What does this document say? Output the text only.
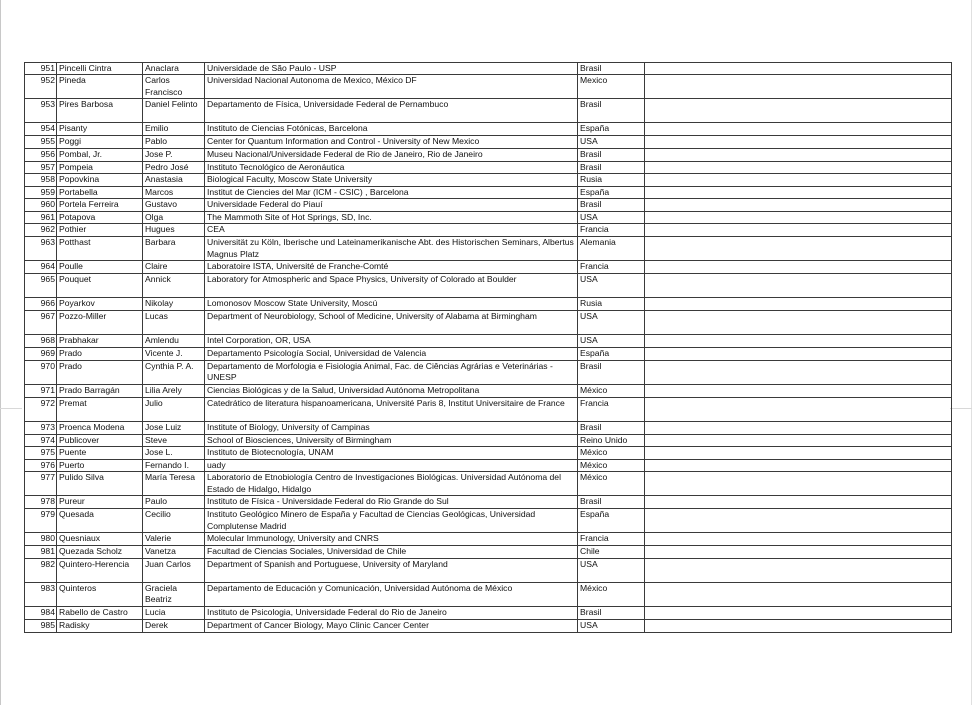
951	Pincelli Cintra	Anaclara	Universidade de São Paulo - USP	Brasil	
952	Pineda	Carlos Francisco	Universidad Nacional Autonoma de Mexico, México DF	Mexico	
953	Pires Barbosa	Daniel Felinto	Departamento de Física, Universidade Federal de Pernambuco	Brasil	
954	Pisanty	Emilio	Instituto de Ciencias Fotónicas, Barcelona	España	
955	Poggi	Pablo	Center for Quantum Information and Control - University of New Mexico	USA	
956	Pombal, Jr.	Jose P.	Museu Nacional/Universidade Federal de Rio de Janeiro, Rio de Janeiro	Brasil	
957	Pompeia	Pedro José	Instituto Tecnológico de Aeronáutica	Brasil	
958	Popovkina	Anastasia	Biological Faculty, Moscow State University	Rusia	
959	Portabella	Marcos	Institut de Ciencies del Mar (ICM - CSIC) , Barcelona	España	
960	Portela Ferreira	Gustavo	Universidade Federal do Piauí	Brasil	
961	Potapova	Olga	The Mammoth Site of Hot Springs, SD, Inc.	USA	
962	Pothier	Hugues	CEA	Francia	
963	Potthast	Barbara	Universität zu Köln, Iberische und Lateinamerikanische Abt. des Historischen Seminars, Albertus Magnus Platz	Alemania	
964	Poulle	Claire	Laboratoire ISTA, Université de Franche-Comté	Francia	
965	Pouquet	Annick	Laboratory for Atmospheric and Space Physics, University of Colorado at Boulder	USA	
966	Poyarkov	Nikolay	Lomonosov Moscow State University, Moscú	Rusia	
967	Pozzo-Miller	Lucas	Department of Neurobiology, School of Medicine, University of Alabama at Birmingham	USA	
968	Prabhakar	Amlendu	Intel Corporation, OR, USA	USA	
969	Prado	Vicente J.	Departamento Psicología Social, Universidad de Valencia	España	
970	Prado	Cynthia P. A.	Departamento de Morfologia e Fisiologia Animal, Fac. de Ciências Agrárias e Veterinárias - UNESP	Brasil	
971	Prado Barragán	Lilia Arely	Ciencias Biológicas y de la Salud, Universidad Autónoma Metropolitana	México	
972	Premat	Julio	Catedrático de literatura hispanoamericana, Université Paris 8, Institut Universitaire de France	Francia	
973	Proenca Modena	Jose Luiz	Institute of Biology, University of Campinas	Brasil	
974	Publicover	Steve	School of Biosciences, University of Birmingham	Reino Unido	
975	Puente	Jose L.	Instituto de Biotecnología, UNAM	México	
976	Puerto	Fernando I.	uady	México	
977	Pulido Silva	María Teresa	Laboratorio de Etnobiología Centro de Investigaciones Biológicas. Universidad Autónoma del Estado de Hidalgo, Hidalgo	México	
978	Pureur	Paulo	Instituto de Física - Universidade Federal do Rio Grande do Sul	Brasil	
979	Quesada	Cecilio	Instituto Geológico Minero de España y Facultad de Ciencias Geológicas, Universidad Complutense Madrid	España	
980	Quesniaux	Valerie	Molecular Immunology, University and CNRS	Francia	
981	Quezada Scholz	Vanetza	Facultad de Ciencias Sociales, Universidad de Chile	Chile	
982	Quintero-Herencia	Juan Carlos	Department of Spanish and Portuguese, University of Maryland	USA	
983	Quinteros	Graciela Beatriz	Departamento de Educación y Comunicación, Universidad Autónoma de México	México	
984	Rabello de Castro	Lucia	Instituto de Psicologia, Universidade Federal do Rio de Janeiro	Brasil	
985	Radisky	Derek	Department of Cancer Biology, Mayo Clinic Cancer Center	USA	
